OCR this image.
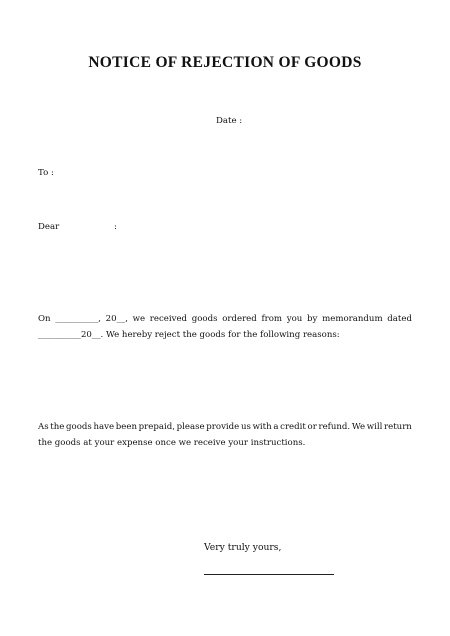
NOTICE OF REJECTION OF GOODS
Date :
To :
Dear	:
On __________, 20__, we received goods ordered from you by memorandum dated
__________20__. We hereby reject the goods for the following reasons:
As the goods have been prepaid, please provide us with a credit or refund. We will return
the goods at your expense once we receive your instructions.
Very truly yours,
